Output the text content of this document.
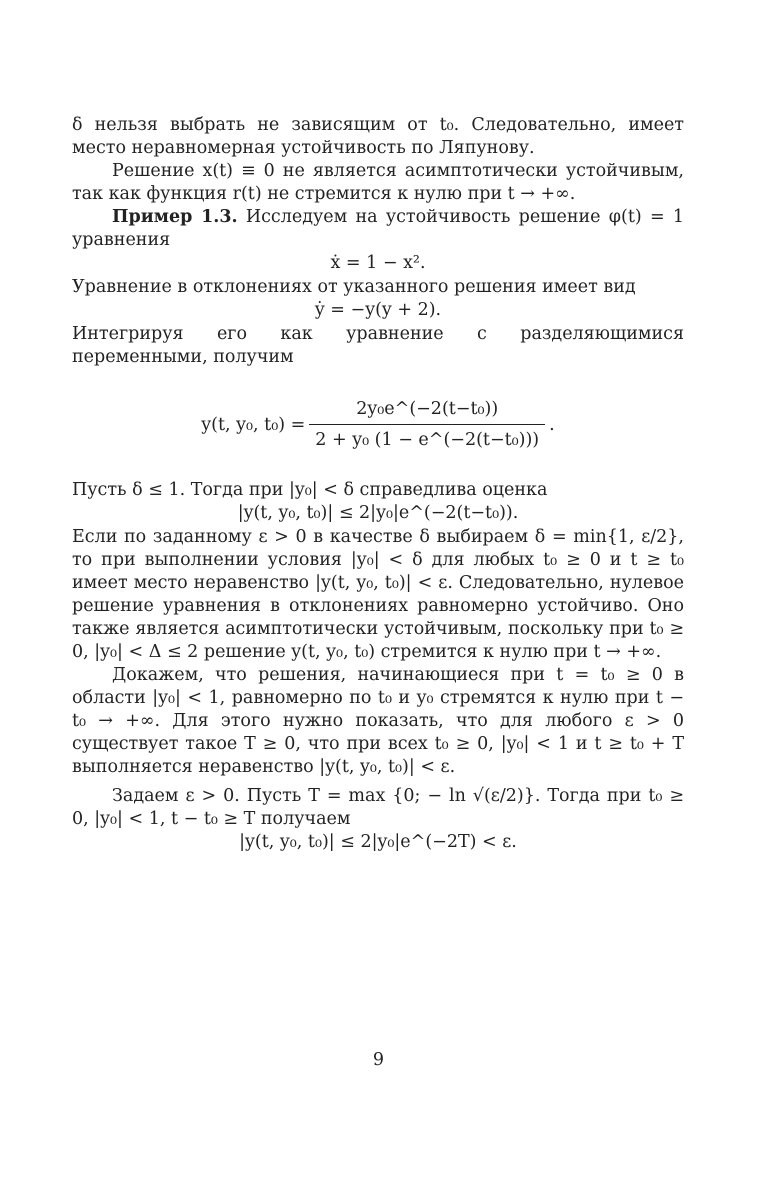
δ нельзя выбрать не зависящим от t₀. Следовательно, имеет место неравномерная устойчивость по Ляпунову.

Решение x(t) ≡ 0 не является асимптотически устойчивым, так как функция r(t) не стремится к нулю при t → +∞.

Пример 1.3. Исследуем на устойчивость решение φ(t) = 1 уравнения

ẋ = 1 − x².

Уравнение в отклонениях от указанного решения имеет вид

ẏ = −y(y + 2).

Интегрируя его как уравнение с разделяющимися переменными, получим

y(t, y₀, $t_0) = \frac{\text{2y₀e\textasciicircum{}(−2(t−t₀))}}{\text{2 + y₀ (1 − e\textasciicircum{}(−2(t−t₀)))}}$ .

Пусть δ ≤ 1. Тогда при |y₀| < δ справедлива оценка

|y(t, y₀, t₀)| ≤ 2|y₀|e^(−2(t−t₀)).

Если по заданному ε > 0 в качестве δ выбираем δ = min{1, ε/2}, то при выполнении условия |y₀| < δ для любых t₀ ≥ 0 и t ≥ t₀ имеет место неравенство |y(t, y₀, t₀)| < ε. Следовательно, нулевое решение уравнения в отклонениях равномерно устойчиво. Оно также является асимптотически устойчивым, поскольку при t₀ ≥ 0, |y₀| < Δ ≤ 2 решение y(t, y₀, t₀) стремится к нулю при t → +∞.

Докажем, что решения, начинающиеся при t = t₀ ≥ 0 в области |y₀| < 1, равномерно по t₀ и y₀ стремятся к нулю при t − t₀ → +∞. Для этого нужно показать, что для любого ε > 0 существует такое T ≥ 0, что при всех t₀ ≥ 0, |y₀| < 1 и t ≥ t₀ + T выполняется неравенство |y(t, y₀, t₀)| < ε.

Задаем ε > 0. Пусть T = max {0; − ln √(ε/2)}. Тогда при t₀ ≥ 0, |y₀| < 1, t − t₀ ≥ T получаем

|y(t, y₀, t₀)| ≤ 2|y₀|e^(−2T) < ε.

9
